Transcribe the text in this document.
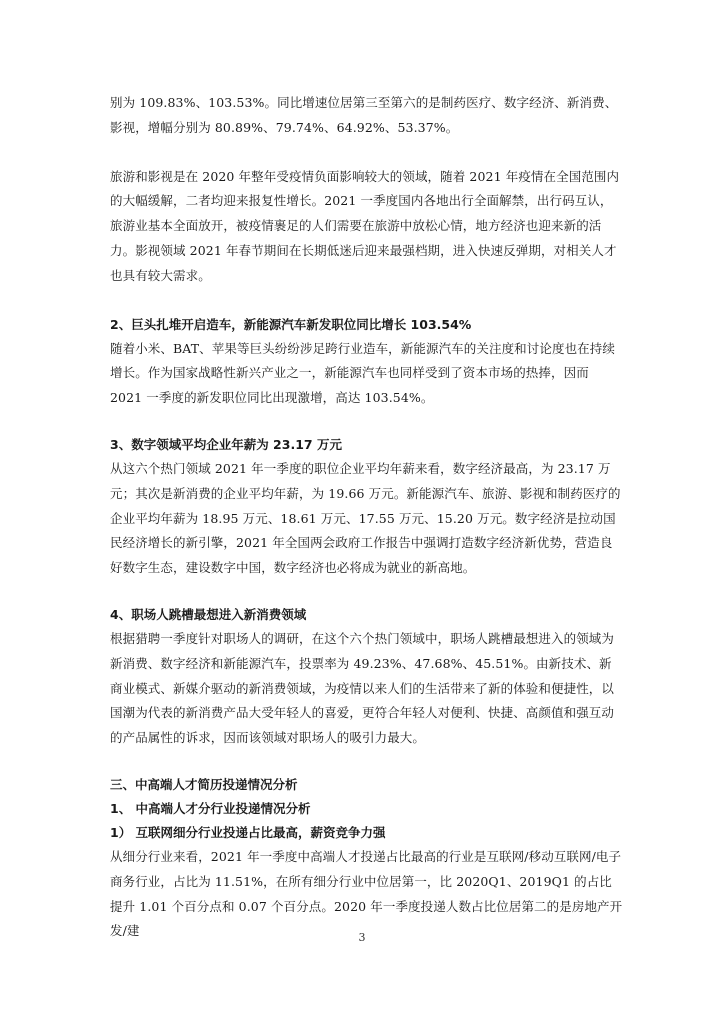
别为 109.83%、103.53%。同比增速位居第三至第六的是制药医疗、数字经济、新消费、影视，增幅分别为 80.89%、79.74%、64.92%、53.37%。

旅游和影视是在 2020 年整年受疫情负面影响较大的领域，随着 2021 年疫情在全国范围内的大幅缓解，二者均迎来报复性增长。2021 一季度国内各地出行全面解禁，出行码互认，旅游业基本全面放开，被疫情裹足的人们需要在旅游中放松心情，地方经济也迎来新的活力。影视领域 2021 年春节期间在长期低迷后迎来最强档期，进入快速反弹期，对相关人才也具有较大需求。

2、巨头扎堆开启造车，新能源汽车新发职位同比增长 103.54%

随着小米、BAT、苹果等巨头纷纷涉足跨行业造车，新能源汽车的关注度和讨论度也在持续增长。作为国家战略性新兴产业之一，新能源汽车也同样受到了资本市场的热捧，因而 2021 一季度的新发职位同比出现激增，高达 103.54%。

3、数字领域平均企业年薪为 23.17 万元

从这六个热门领域 2021 年一季度的职位企业平均年薪来看，数字经济最高，为 23.17 万元；其次是新消费的企业平均年薪，为 19.66 万元。新能源汽车、旅游、影视和制药医疗的企业平均年薪为 18.95 万元、18.61 万元、17.55 万元、15.20 万元。数字经济是拉动国民经济增长的新引擎，2021 年全国两会政府工作报告中强调打造数字经济新优势，营造良好数字生态，建设数字中国，数字经济也必将成为就业的新高地。

4、职场人跳槽最想进入新消费领域

根据猎聘一季度针对职场人的调研，在这个六个热门领域中，职场人跳槽最想进入的领域为新消费、数字经济和新能源汽车，投票率为 49.23%、47.68%、45.51%。由新技术、新商业模式、新媒介驱动的新消费领域，为疫情以来人们的生活带来了新的体验和便捷性，以国潮为代表的新消费产品大受年轻人的喜爱，更符合年轻人对便利、快捷、高颜值和强互动的产品属性的诉求，因而该领域对职场人的吸引力最大。

三、中高端人才简历投递情况分析

1、 中高端人才分行业投递情况分析

1） 互联网细分行业投递占比最高，薪资竞争力强

从细分行业来看，2021 年一季度中高端人才投递占比最高的行业是互联网/移动互联网/电子商务行业，占比为 11.51%，在所有细分行业中位居第一，比 2020Q1、2019Q1 的占比提升 1.01 个百分点和 0.07 个百分点。2020 年一季度投递人数占比位居第二的是房地产开发/建	3
